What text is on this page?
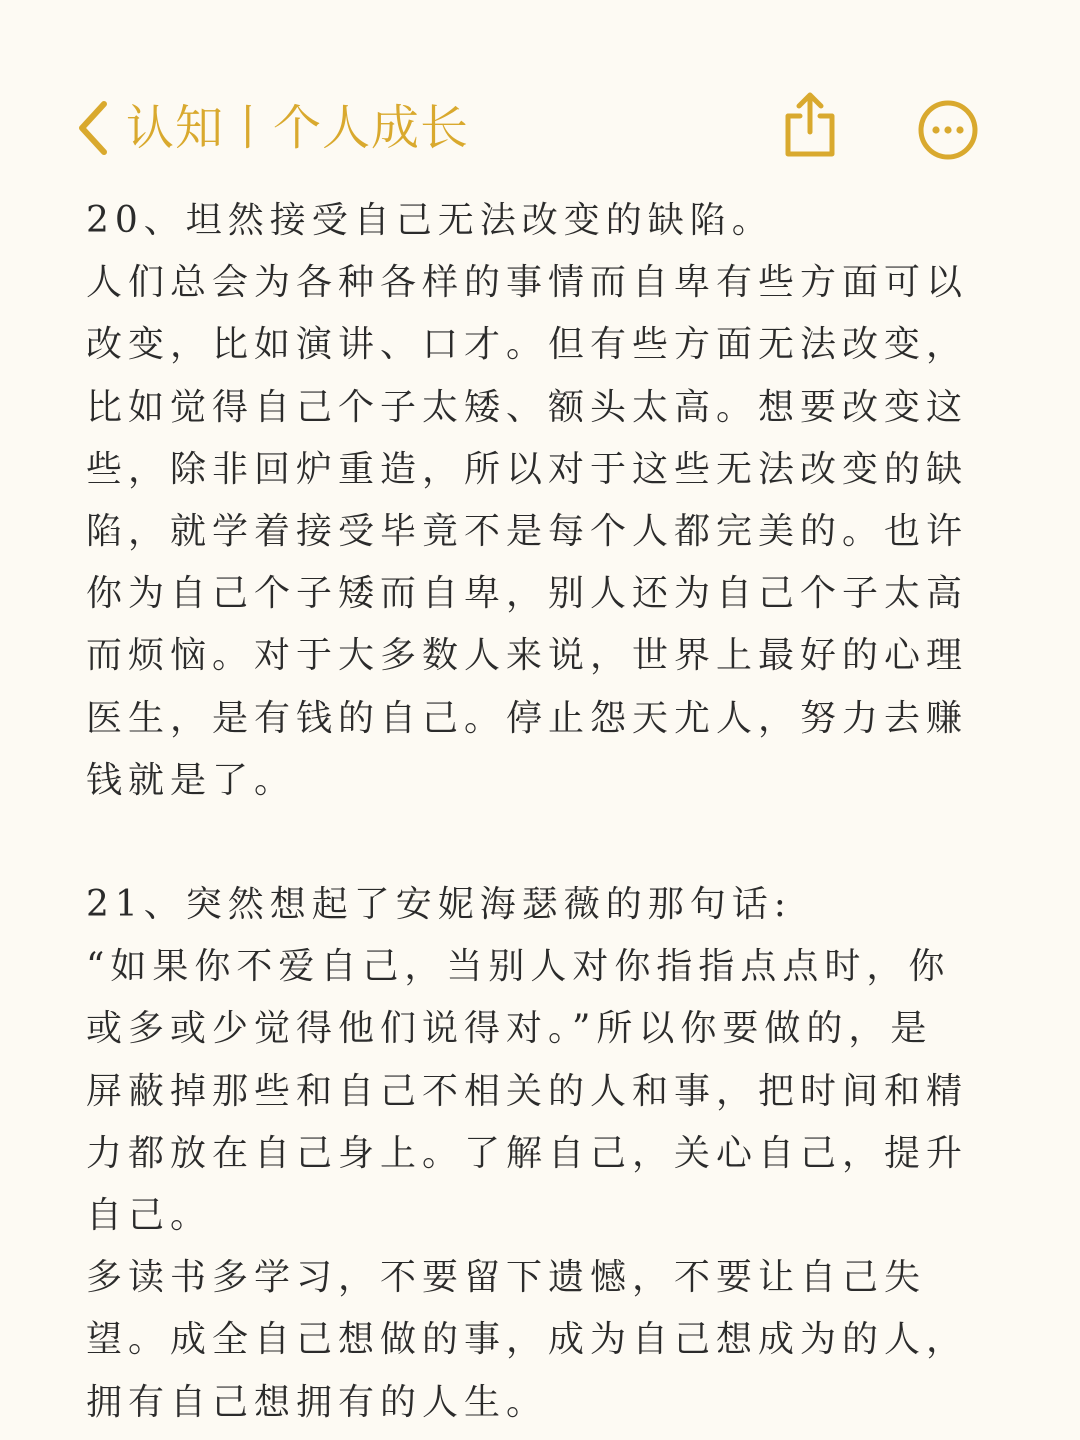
认知丨个人成长

20、坦然接受自己无法改变的缺陷。
人们总会为各种各样的事情而自卑有些方面可以改变，比如演讲、口才。但有些方面无法改变，比如觉得自己个子太矮、额头太高。想要改变这些，除非回炉重造，所以对于这些无法改变的缺陷，就学着接受毕竟不是每个人都完美的。也许你为自己个子矮而自卑，别人还为自己个子太高而烦恼。对于大多数人来说，世界上最好的心理医生，是有钱的自己。停止怨天尤人，努力去赚钱就是了。

21、突然想起了安妮海瑟薇的那句话:
“如果你不爱自己，当别人对你指指点点时，你或多或少觉得他们说得对。”所以你要做的，是屏蔽掉那些和自己不相关的人和事，把时间和精力都放在自己身上。了解自己，关心自己，提升自己。
多读书多学习，不要留下遗憾，不要让自己失望。成全自己想做的事，成为自己想成为的人，拥有自己想拥有的人生。
